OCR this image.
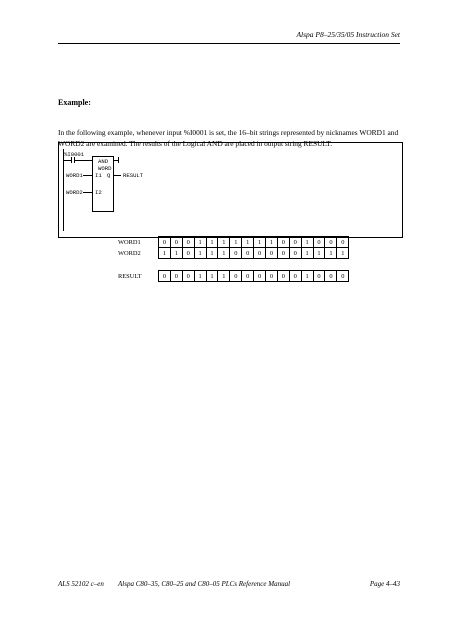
Alspa P8–25/35/05 Instruction Set
Example:
In the following example, whenever input %I0001 is set, the 16–bit strings represented by nicknames WORD1 and WORD2 are examined. The results of the Logical AND are placed in output string RESULT.
%I0001
AND
WORD
WORD1 I1 Q RESULT
WORD2 I2
WORD1	0	0	0	1	1	1	1	1	1	1	0	0	1	0	0	0
WORD2	1	1	0	1	1	1	0	0	0	0	0	0	1	1	1	1

RESULT	0	0	0	1	1	1	0	0	0	0	0	0	1	0	0	0
ALS 52102 c–en Alspa C80–35, C80–25 and C80–05 PLCs Reference Manual	Page 4–43
